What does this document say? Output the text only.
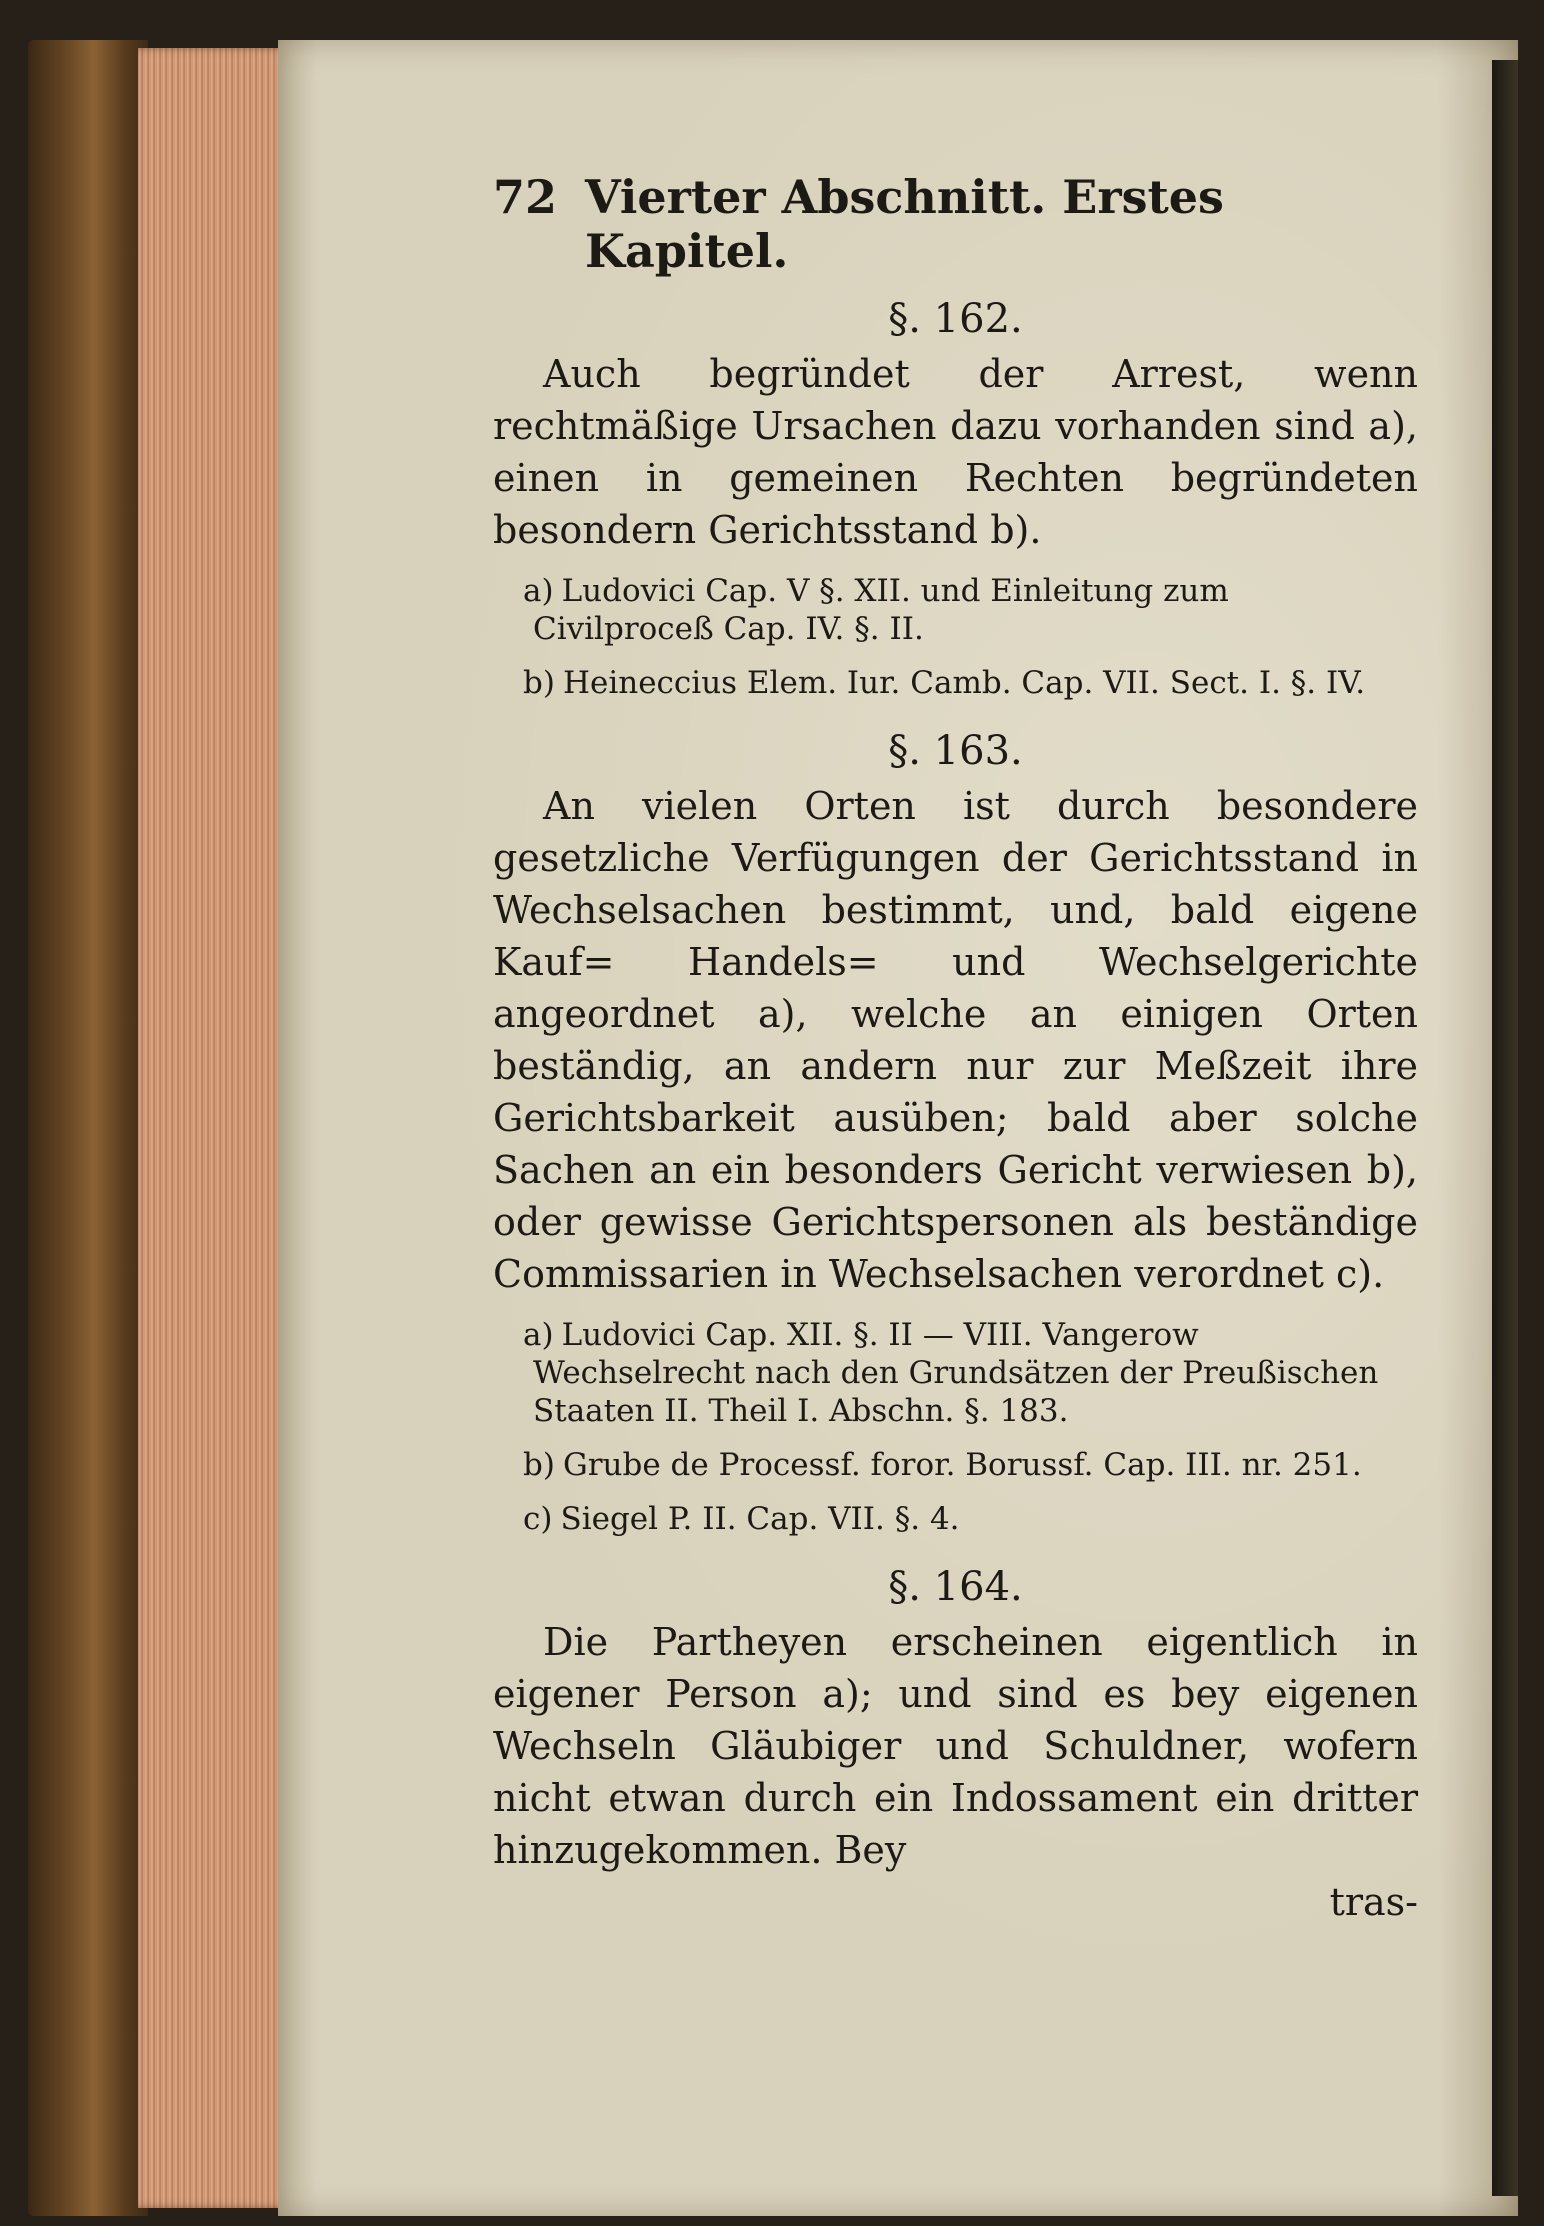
72 Vierter Abschnitt. Erstes Kapitel.
§. 162.
Auch begründet der Arrest, wenn rechtmäßige Ursachen dazu vorhanden sind a), einen in gemeinen Rechten begründeten besondern Gerichtsstand b).
a) Ludovici Cap. V §. XII. und Einleitung zum Civilproceß Cap. IV. §. II.
b) Heineccius Elem. Iur. Camb. Cap. VII. Sect. I. §. IV.
§. 163.
An vielen Orten ist durch besondere gesetzliche Verfügungen der Gerichtsstand in Wechselsachen bestimmt, und, bald eigene Kauf= Handels= und Wechselgerichte angeordnet a), welche an einigen Orten beständig, an andern nur zur Meßzeit ihre Gerichtsbarkeit ausüben; bald aber solche Sachen an ein besonders Gericht verwiesen b), oder gewisse Gerichtspersonen als beständige Commissarien in Wechselsachen verordnet c).
a) Ludovici Cap. XII. §. II — VIII. Vangerow Wechselrecht nach den Grundsätzen der Preußischen Staaten II. Theil I. Abschn. §. 183.
b) Grube de Processf. foror. Borussf. Cap. III. nr. 251.
c) Siegel P. II. Cap. VII. §. 4.
§. 164.
Die Partheyen erscheinen eigentlich in eigener Person a); und sind es bey eigenen Wechseln Gläubiger und Schuldner, wofern nicht etwan durch ein Indossament ein dritter hinzugekommen. Bey
tras-
